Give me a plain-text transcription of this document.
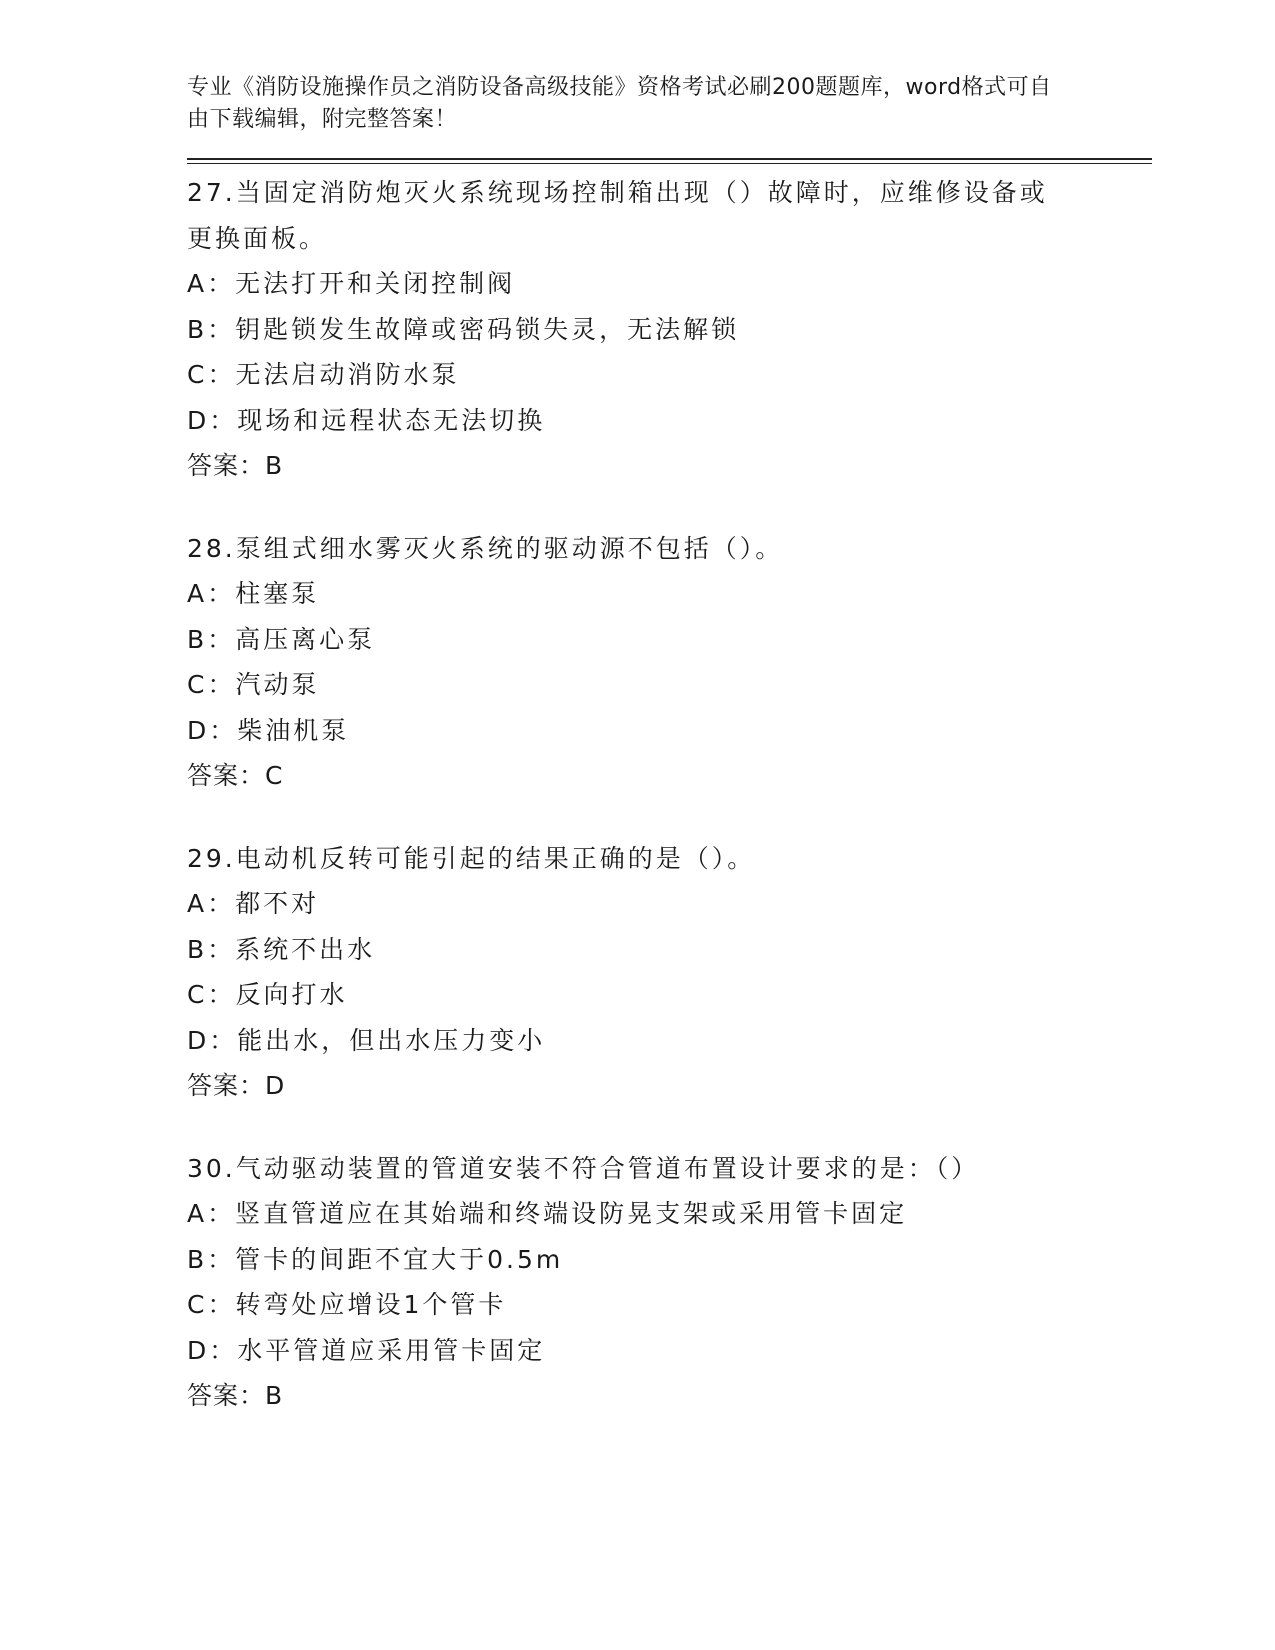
专业《消防设施操作员之消防设备高级技能》资格考试必刷200题题库，word格式可自由下载编辑，附完整答案！

27.当固定消防炮灭火系统现场控制箱出现（）故障时，应维修设备或更换面板。

A：无法打开和关闭控制阀

B：钥匙锁发生故障或密码锁失灵，无法解锁

C：无法启动消防水泵

D：现场和远程状态无法切换

答案：B

28.泵组式细水雾灭火系统的驱动源不包括（）。

A：柱塞泵

B：高压离心泵

C：汽动泵

D：柴油机泵

答案：C

29.电动机反转可能引起的结果正确的是（）。

A：都不对

B：系统不出水

C：反向打水

D：能出水，但出水压力变小

答案：D

30.气动驱动装置的管道安装不符合管道布置设计要求的是：（）

A：竖直管道应在其始端和终端设防晃支架或采用管卡固定

B：管卡的间距不宜大于0.5m

C：转弯处应增设1个管卡

D：水平管道应采用管卡固定

答案：B
